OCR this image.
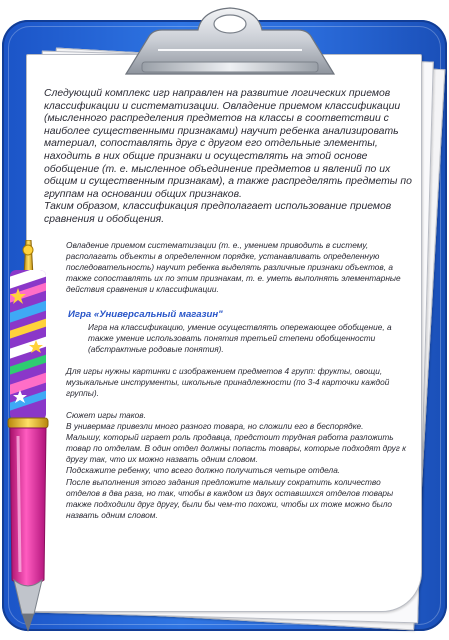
Следующий комплекс игр направлен на развитие логических приемов классификации и систематизации. Овладение приемом классификации (мысленного распределения предметов на классы в соответствии с наиболее существенными признаками) научит ребенка анализировать материал, сопоставлять друг с другом его отдельные элементы, находить в них общие признаки и осуществлять на этой основе обобщение (т. е. мысленное объединение предметов и явлений по их общим и существенным признакам), а также распределять предметы по группам на основании общих признаков.

Таким образом, классификация предполагает использование приемов сравнения и обобщения.

Овладение приемом систематизации (т. е., умением приводить в систему, располагать объекты в определенном порядке, устанавливать определенную последовательность) научит ребенка выделять различные признаки объектов, а также сопоставлять их по этим признакам, т. е. уметь выполнять элементарные действия сравнения и классификации.
Игра «Универсальный магазин"
Игра на классификацию, умение осуществлять опережающее обобщение, а также умение использовать понятия третьей степени обобщенности (абстрактные родовые понятия).
Для игры нужны картинки с изображением предметов 4 групп: фрукты, овощи, музыкальные инструменты, школьные принадлежности (по 3-4 карточки каждой группы).
Сюжет игры таков.
В универмаг привезли много разного товара, но сложили его в беспорядке.
Малышу, который играет роль продавца, предстоит трудная работа разложить товар по отделам. В один отдел должны попасть товары, которые подходят друг к другу так, что их можно назвать одним словом.
Подскажите ребенку, что всего должно получиться четыре отдела.
После выполнения этого задания предложите малышу сократить количество отделов в два раза, но так, чтобы в каждом из двух оставшихся отделов товары также подходили друг другу, были бы чем-то похожи, чтобы их тоже можно было назвать одним словом.
